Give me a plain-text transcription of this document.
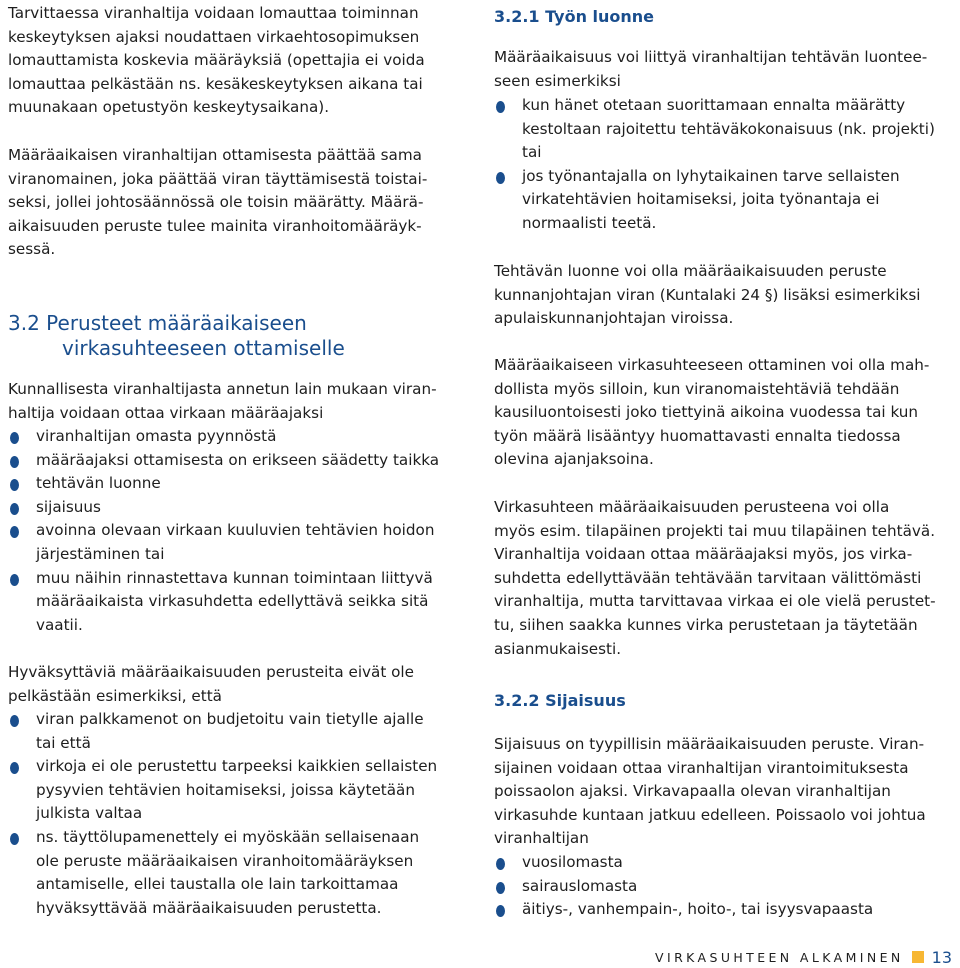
Tarvittaessa viranhaltija voidaan lomauttaa toiminnan

keskeytyksen ajaksi noudattaen virkaehtosopimuksen

lomauttamista koskevia määräyksiä (opettajia ei voida

lomauttaa pelkästään ns. kesäkeskeytyksen aikana tai

muunakaan opetustyön keskeytysaikana).

Määräaikaisen viranhaltijan ottamisesta päättää sama

viranomainen, joka päättää viran täyttämisestä toistai-

seksi, jollei johtosäännössä ole toisin määrätty. Määrä-

aikaisuuden peruste tulee mainita viranhoitomääräyk-

sessä.

3.2 Perusteet määräaikaiseen
virkasuhteeseen ottamiselle

Kunnallisesta viranhaltijasta annetun lain mukaan viran-

haltija voidaan ottaa virkaan määräajaksi

viranhaltijan omasta pyynnöstä
määräajaksi ottamisesta on erikseen säädetty taikka
tehtävän luonne
sijaisuus
avoinna olevaan virkaan kuuluvien tehtävien hoidon
järjestäminen tai
muu näihin rinnastettava kunnan toimintaan liittyvä
määräaikaista virkasuhdetta edellyttävä seikka sitä
vaatii.

Hyväksyttäviä määräaikaisuuden perusteita eivät ole

pelkästään esimerkiksi, että

viran palkkamenot on budjetoitu vain tietylle ajalle
tai että
virkoja ei ole perustettu tarpeeksi kaikkien sellaisten
pysyvien tehtävien hoitamiseksi, joissa käytetään
julkista valtaa
ns. täyttölupamenettely ei myöskään sellaisenaan
ole peruste määräaikaisen viranhoitomääräyksen
antamiselle, ellei taustalla ole lain tarkoittamaa
hyväksyttävää määräaikaisuuden perustetta.
3.2.1 Työn luonne

Määräaikaisuus voi liittyä viranhaltijan tehtävän luontee-

seen esimerkiksi

kun hänet otetaan suorittamaan ennalta määrätty
kestoltaan rajoitettu tehtäväkokonaisuus (nk. projekti)
tai
jos työnantajalla on lyhytaikainen tarve sellaisten
virkatehtävien hoitamiseksi, joita työnantaja ei
normaalisti teetä.

Tehtävän luonne voi olla määräaikaisuuden peruste

kunnanjohtajan viran (Kuntalaki 24 §) lisäksi esimerkiksi

apulaiskunnanjohtajan viroissa.

Määräaikaiseen virkasuhteeseen ottaminen voi olla mah-

dollista myös silloin, kun viranomaistehtäviä tehdään

kausiluontoisesti joko tiettyinä aikoina vuodessa tai kun

työn määrä lisääntyy huomattavasti ennalta tiedossa

olevina ajanjaksoina.

Virkasuhteen määräaikaisuuden perusteena voi olla

myös esim. tilapäinen projekti tai muu tilapäinen tehtävä.

Viranhaltija voidaan ottaa määräajaksi myös, jos virka-

suhdetta edellyttävään tehtävään tarvitaan välittömästi

viranhaltija, mutta tarvittavaa virkaa ei ole vielä perustet-

tu, siihen saakka kunnes virka perustetaan ja täytetään

asianmukaisesti.

3.2.2 Sijaisuus

Sijaisuus on tyypillisin määräaikaisuuden peruste. Viran-

sijainen voidaan ottaa viranhaltijan virantoimituksesta

poissaolon ajaksi. Virkavapaalla olevan viranhaltijan

virkasuhde kuntaan jatkuu edelleen. Poissaolo voi johtua

viranhaltijan

vuosilomasta
sairauslomasta
äitiys-, vanhempain-, hoito-, tai isyysvapaasta
VIRKASUHTEEN ALKAMINEN 13
